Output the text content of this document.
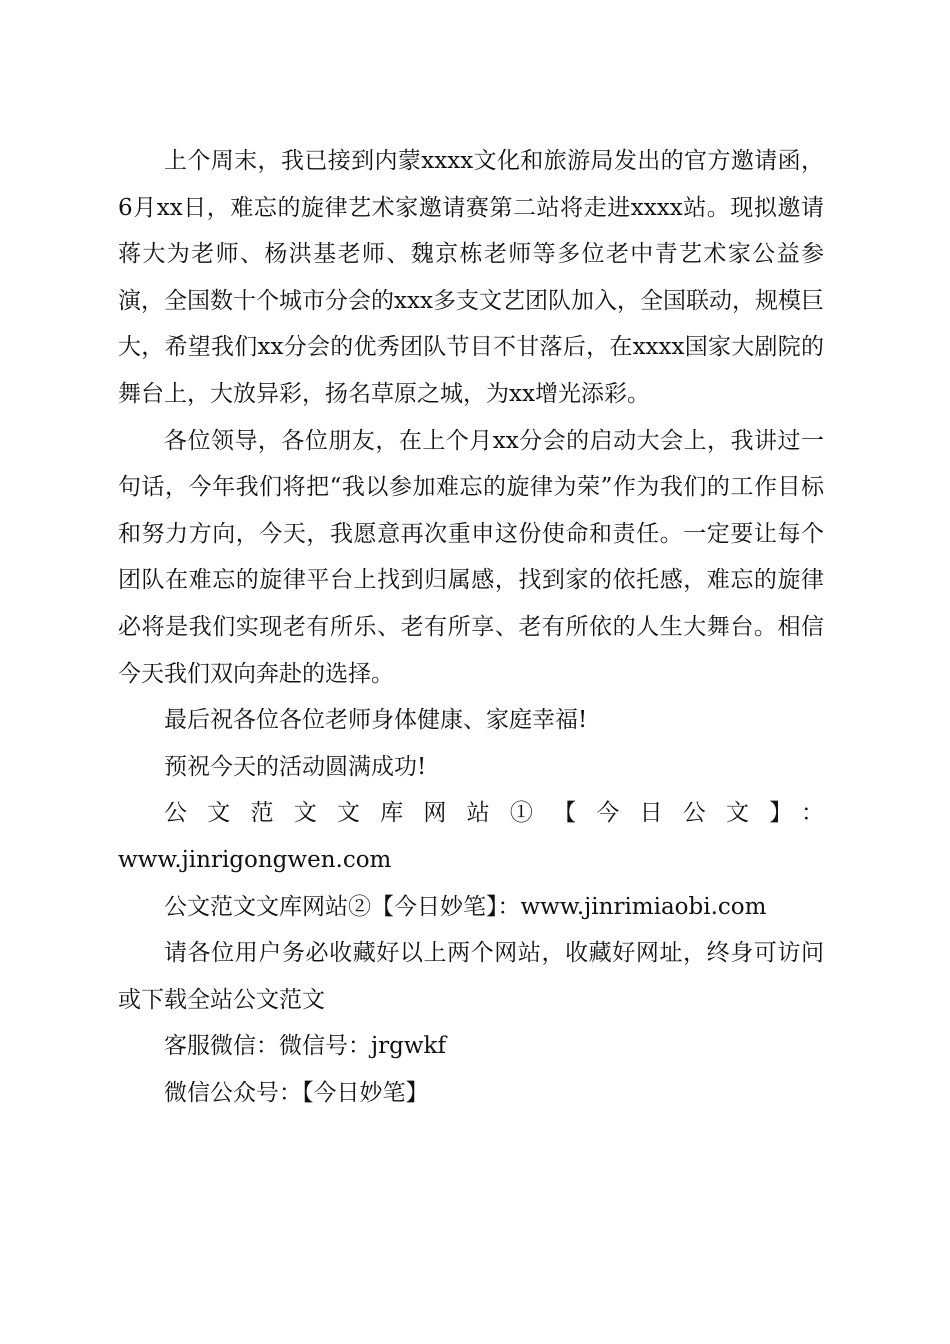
上个周末，我已接到内蒙xxxx文化和旅游局发出的官方邀请函，6月xx日，难忘的旋律艺术家邀请赛第二站将走进xxxx站。现拟邀请蒋大为老师、杨洪基老师、魏京栋老师等多位老中青艺术家公益参演，全国数十个城市分会的xxx多支文艺团队加入，全国联动，规模巨大，希望我们xx分会的优秀团队节目不甘落后，在xxxx国家大剧院的舞台上，大放异彩，扬名草原之城，为xx增光添彩。

各位领导，各位朋友，在上个月xx分会的启动大会上，我讲过一句话，今年我们将把“我以参加难忘的旋律为荣”作为我们的工作目标和努力方向，今天，我愿意再次重申这份使命和责任。一定要让每个团队在难忘的旋律平台上找到归属感，找到家的依托感，难忘的旋律必将是我们实现老有所乐、老有所享、老有所依的人生大舞台。相信今天我们双向奔赴的选择。

最后祝各位各位老师身体健康、家庭幸福!

预祝今天的活动圆满成功!

公文范文文库网站①【今日公文】：

www.jinrigongwen.com

公文范文文库网站②【今日妙笔】：www.jinrimiaobi.com

请各位用户务必收藏好以上两个网站，收藏好网址，终身可访问或下载全站公文范文

客服微信：微信号：jrgwkf

微信公众号：【今日妙笔】
